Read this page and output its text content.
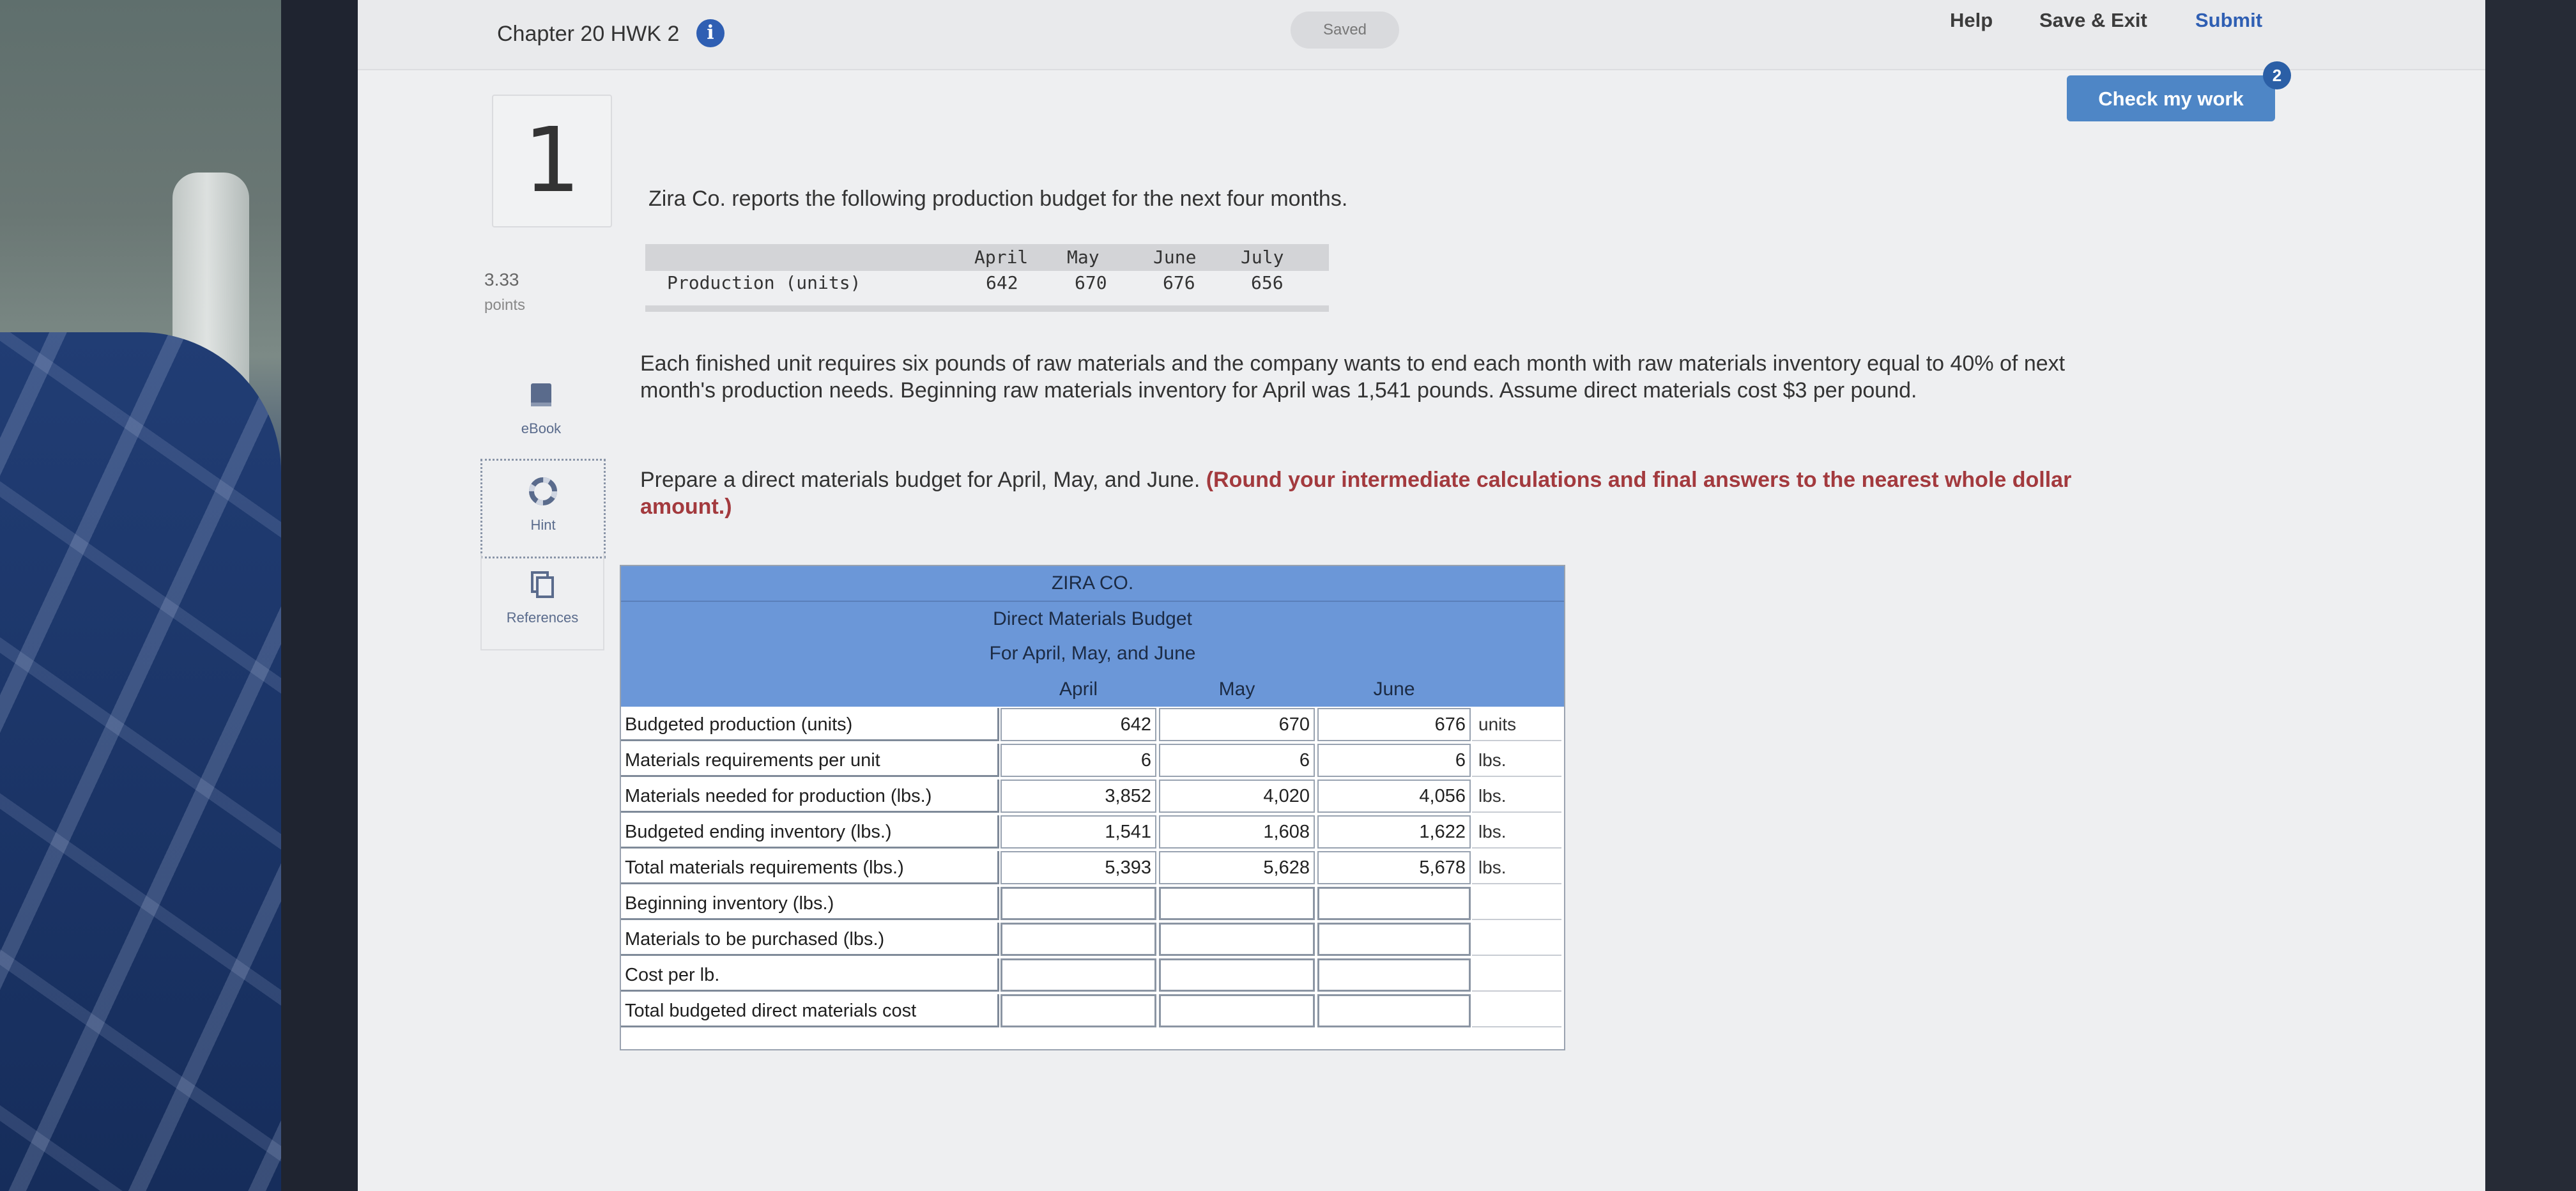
Chapter 20 HWK 2	i	Saved	Help Save & Exit Submit
Check my work
2
1
3.33
points
eBook
Hint
References
Zira Co. reports the following production budget for the next four months.
April May	June July
Production (units)	642	670	676	656
Each finished unit requires six pounds of raw materials and the company wants to end each month with raw materials inventory equal to 40% of next month's production needs. Beginning raw materials inventory for April was 1,541 pounds. Assume direct materials cost $3 per pound.
Prepare a direct materials budget for April, May, and June. (Round your intermediate calculations and final answers to the nearest whole dollar amount.)
ZIRA CO.
Direct Materials Budget
For April, May, and June
April	May	June
Budgeted production (units)	642	670	676 units
Materials requirements per unit	6	6	6 lbs.
Materials needed for production (lbs.)	3,852	4,020	4,056 lbs.
Budgeted ending inventory (lbs.)	1,541	1,608	1,622 lbs.
Total materials requirements (lbs.)	5,393	5,628	5,678 lbs.
Beginning inventory (lbs.)
Materials to be purchased (lbs.)
Cost per lb.
Total budgeted direct materials cost
